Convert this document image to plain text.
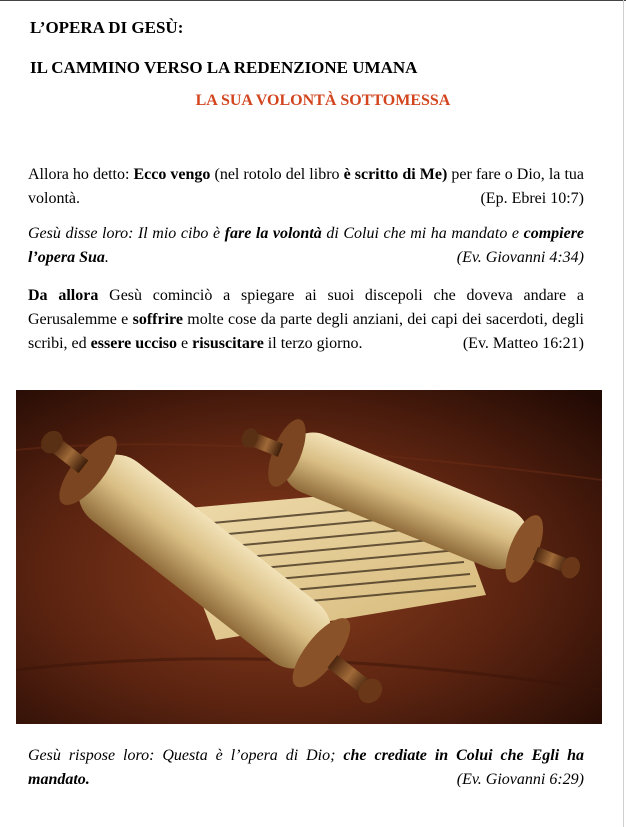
L’OPERA DI GESÙ:
IL CAMMINO VERSO LA REDENZIONE UMANA
LA SUA VOLONTÀ SOTTOMESSA
Allora ho detto: Ecco vengo (nel rotolo del libro è scritto di Me) per fare o Dio, la tua volontà.	(Ep. Ebrei 10:7)
Gesù disse loro: Il mio cibo è fare la volontà di Colui che mi ha mandato e compiere l’opera Sua.	(Ev. Giovanni 4:34)
Da allora Gesù cominciò a spiegare ai suoi discepoli che doveva andare a Gerusalemme e soffrire molte cose da parte degli anziani, dei capi dei sacerdoti, degli scribi, ed essere ucciso e risuscitare il terzo giorno.	(Ev. Matteo 16:21)
Gesù rispose loro: Questa è l’opera di Dio; che crediate in Colui che Egli ha mandato.	(Ev. Giovanni 6:29)
